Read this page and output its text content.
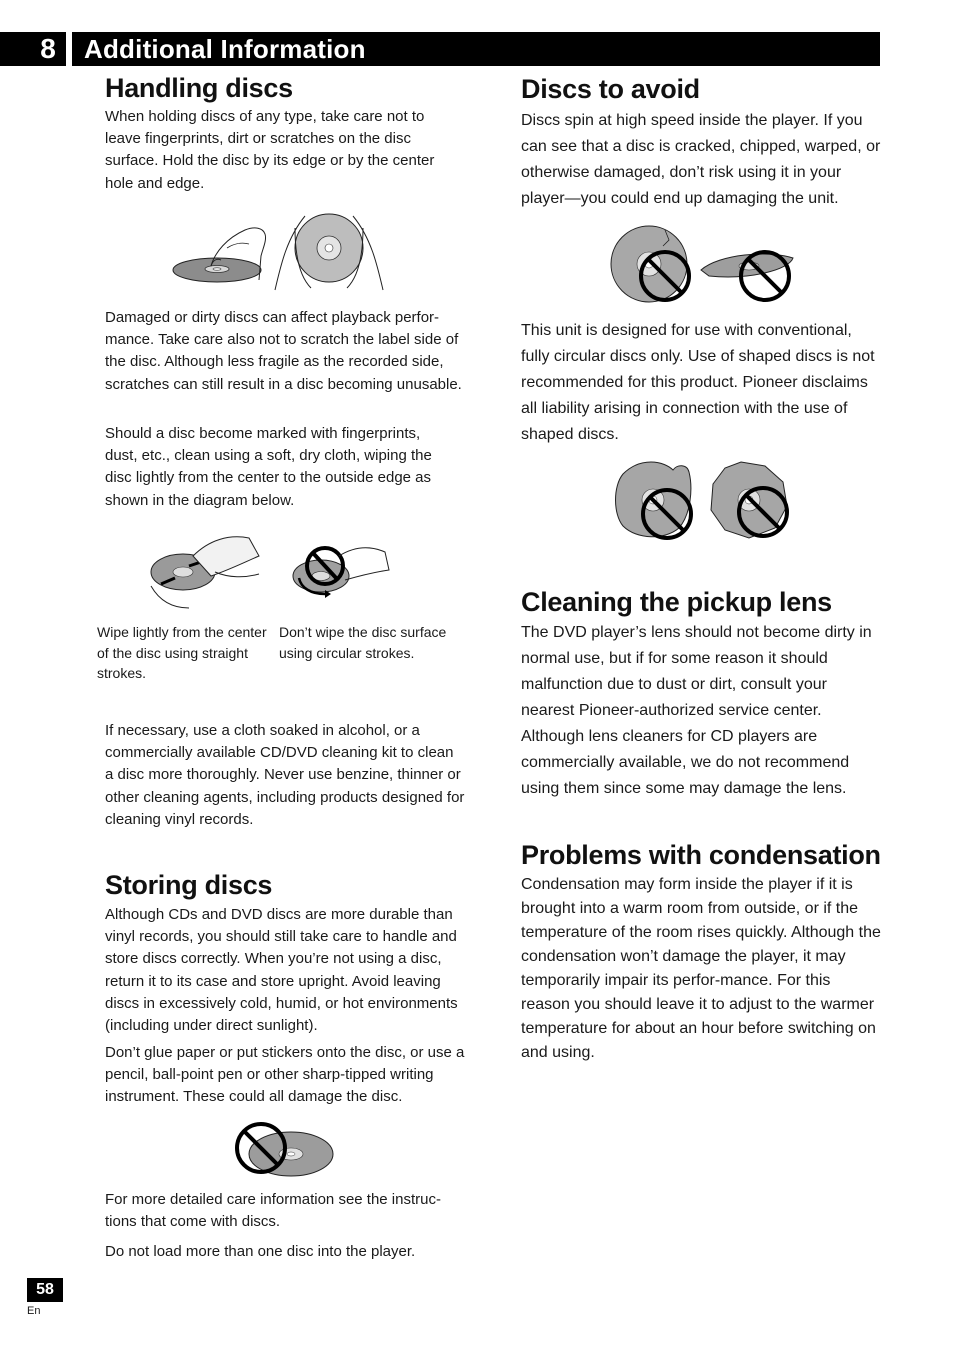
8	Additional Information
Handling discs

When holding discs of any type, take care not to leave fingerprints, dirt or scratches on the disc surface. Hold the disc by its edge or by the center hole and edge.

Damaged or dirty discs can affect playback perfor-mance. Take care also not to scratch the label side of the disc. Although less fragile as the recorded side, scratches can still result in a disc becoming unusable.

Should a disc become marked with fingerprints, dust, etc., clean using a soft, dry cloth, wiping the disc lightly from the center to the outside edge as shown in the diagram below.

Wipe lightly from the center of the disc using straight strokes.
Don’t wipe the disc surface using circular strokes.

If necessary, use a cloth soaked in alcohol, or a commercially available CD/DVD cleaning kit to clean a disc more thoroughly. Never use benzine, thinner or other cleaning agents, including products designed for cleaning vinyl records.

Storing discs

Although CDs and DVD discs are more durable than vinyl records, you should still take care to handle and store discs correctly. When you’re not using a disc, return it to its case and store upright. Avoid leaving discs in excessively cold, humid, or hot environments (including under direct sunlight).

Don’t glue paper or put stickers onto the disc, or use a pencil, ball-point pen or other sharp-tipped writing instrument. These could all damage the disc.

For more detailed care information see the instruc-tions that come with discs.

Do not load more than one disc into the player.

Discs to avoid

Discs spin at high speed inside the player. If you can see that a disc is cracked, chipped, warped, or otherwise damaged, don’t risk using it in your player—you could end up damaging the unit.

This unit is designed for use with conventional, fully circular discs only. Use of shaped discs is not recommended for this product. Pioneer disclaims all liability arising in connection with the use of shaped discs.

Cleaning the pickup lens

The DVD player’s lens should not become dirty in normal use, but if for some reason it should malfunction due to dust or dirt, consult your nearest Pioneer-authorized service center. Although lens cleaners for CD players are commercially available, we do not recommend using them since some may damage the lens.

Problems with condensation

Condensation may form inside the player if it is brought into a warm room from outside, or if the temperature of the room rises quickly. Although the condensation won’t damage the player, it may temporarily impair its perfor-mance. For this reason you should leave it to adjust to the warmer temperature for about an hour before switching on and using.

58
En
